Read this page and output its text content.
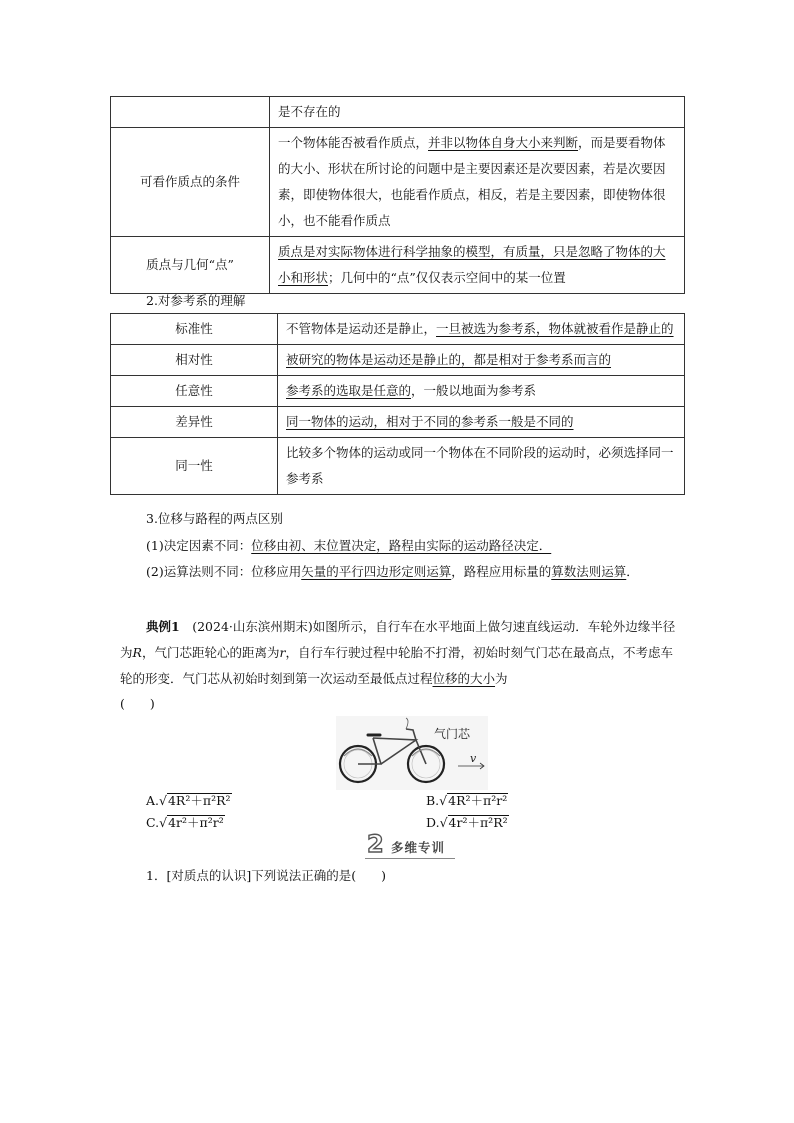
	是不存在的
可看作质点的条件	一个物体能否被看作质点，并非以物体自身大小来判断，而是要看物体的大小、形状在所讨论的问题中是主要因素还是次要因素，若是次要因素，即使物体很大，也能看作质点，相反，若是主要因素，即使物体很小，也不能看作质点
质点与几何“点”	质点是对实际物体进行科学抽象的模型，有质量，只是忽略了物体的大小和形状；几何中的“点”仅仅表示空间中的某一位置
2.对参考系的理解
标准性	不管物体是运动还是静止，一旦被选为参考系，物体就被看作是静止的
相对性	被研究的物体是运动还是静止的，都是相对于参考系而言的
任意性	参考系的选取是任意的，一般以地面为参考系
差异性	同一物体的运动，相对于不同的参考系一般是不同的
同一性	比较多个物体的运动或同一个物体在不同阶段的运动时，必须选择同一参考系
3.位移与路程的两点区别
(1)决定因素不同：位移由初、末位置决定，路程由实际的运动路径决定．
(2)运算法则不同：位移应用矢量的平行四边形定则运算，路程应用标量的算数法则运算．
典例1　 (2024·山东滨州期末)如图所示，自行车在水平地面上做匀速直线运动．车轮外边缘半径为R，气门芯距轮心的距离为r，自行车行驶过程中轮胎不打滑，初始时刻气门芯在最高点，不考虑车轮的形变．气门芯从初始时刻到第一次运动至最低点过程位移的大小为
(　　)
气门芯
v
A.√4R²＋π²R²	B.√4R²＋π²r²
C.√4r²＋π²r²	D.√4r²＋π²R²
2 多维专训
1．[对质点的认识]下列说法正确的是(　　)
